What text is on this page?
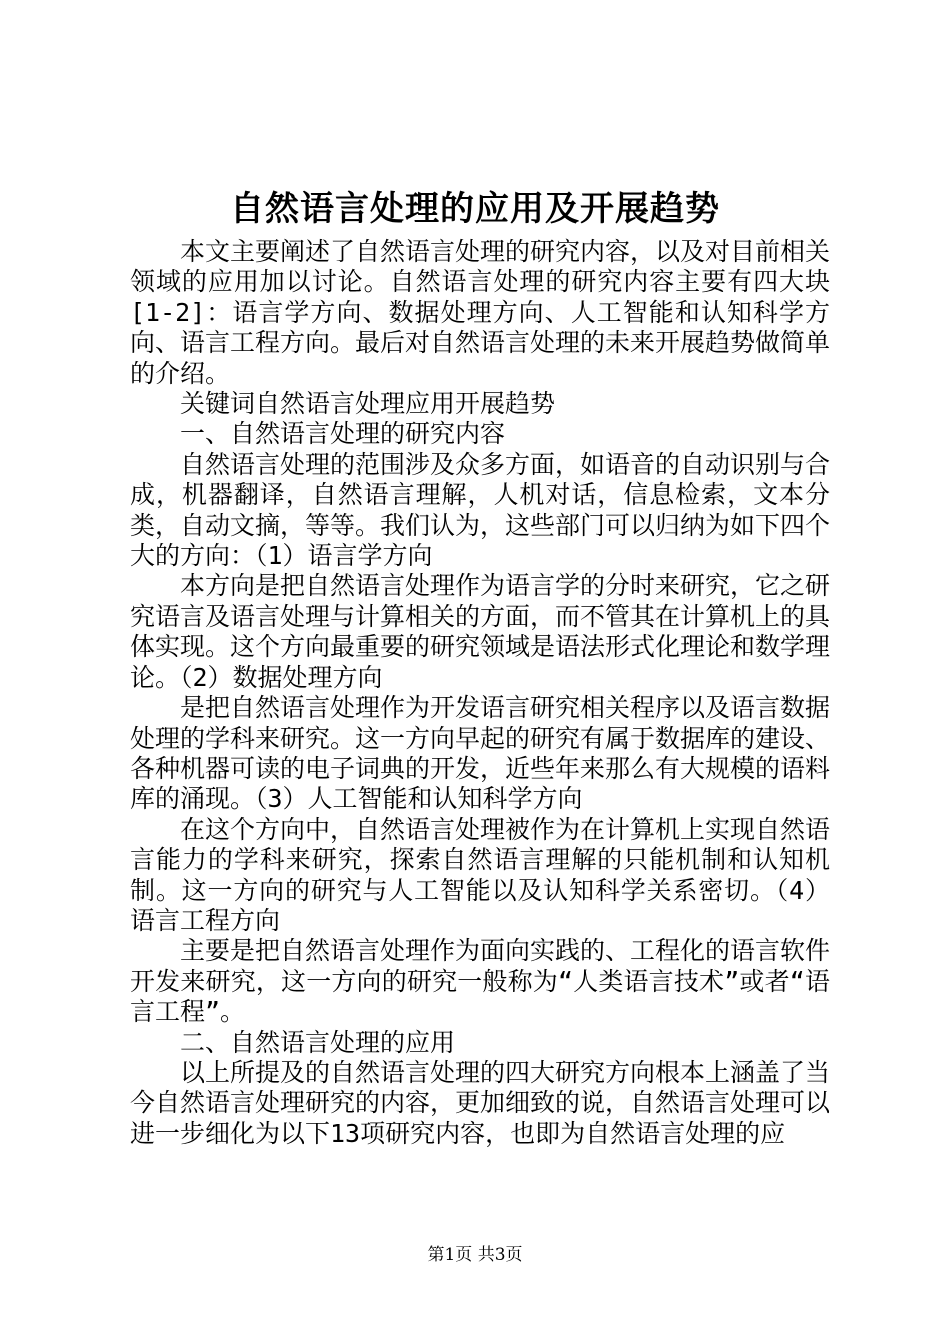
自然语言处理的应用及开展趋势

本文主要阐述了自然语言处理的研究内容，以及对目前相关领域的应用加以讨论。自然语言处理的研究内容主要有四大块[1-2]：语言学方向、数据处理方向、人工智能和认知科学方向、语言工程方向。最后对自然语言处理的未来开展趋势做简单的介绍。

关键词自然语言处理应用开展趋势

一、自然语言处理的研究内容

自然语言处理的范围涉及众多方面，如语音的自动识别与合成，机器翻译，自然语言理解，人机对话，信息检索，文本分类，自动文摘，等等。我们认为，这些部门可以归纳为如下四个大的方向：（1）语言学方向

本方向是把自然语言处理作为语言学的分时来研究，它之研究语言及语言处理与计算相关的方面，而不管其在计算机上的具体实现。这个方向最重要的研究领域是语法形式化理论和数学理论。（2）数据处理方向

是把自然语言处理作为开发语言研究相关程序以及语言数据处理的学科来研究。这一方向早起的研究有属于数据库的建设、各种机器可读的电子词典的开发，近些年来那么有大规模的语料库的涌现。（3）人工智能和认知科学方向

在这个方向中，自然语言处理被作为在计算机上实现自然语言能力的学科来研究，探索自然语言理解的只能机制和认知机制。这一方向的研究与人工智能以及认知科学关系密切。（4）语言工程方向

主要是把自然语言处理作为面向实践的、工程化的语言软件开发来研究，这一方向的研究一般称为“人类语言技术”或者“语言工程”。

二、自然语言处理的应用

以上所提及的自然语言处理的四大研究方向根本上涵盖了当今自然语言处理研究的内容，更加细致的说，自然语言处理可以进一步细化为以下13项研究内容，也即为自然语言处理的应

第1页 共3页
